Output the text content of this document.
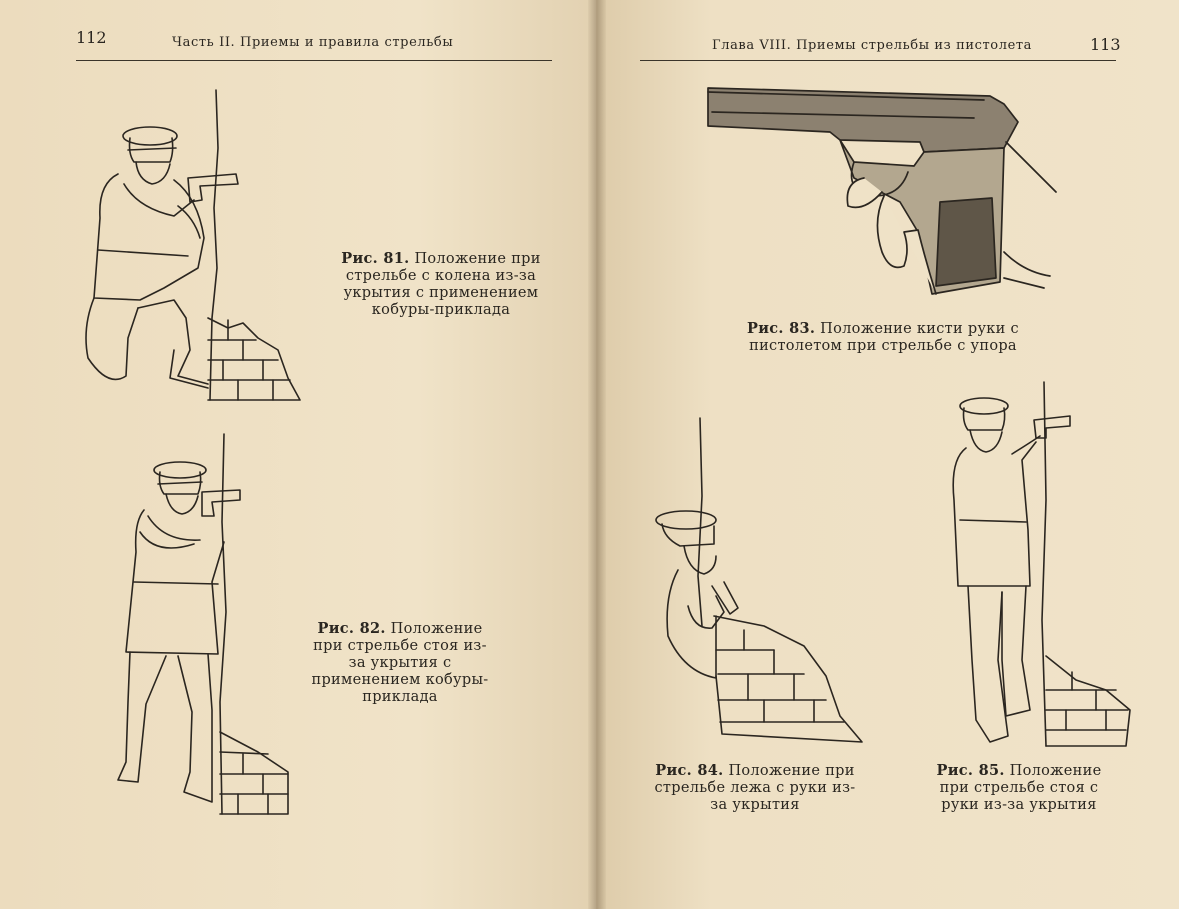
112	Часть II. Приемы и правила стрельбы	Глава VIII. Приемы стрельбы из пистолета	113
Рис. 81. Положение при стрельбе с колена из-за укрытия с применением кобуры-приклада
Рис. 82. Положение при стрельбе стоя из-за укрытия с применением кобуры-приклада
Рис. 83. Положение кисти руки с пистолетом при стрельбе с упора
Рис. 84. Положение при стрельбе лежа с руки из-за укрытия
Рис. 85. Положение при стрельбе стоя с руки из-за укрытия
